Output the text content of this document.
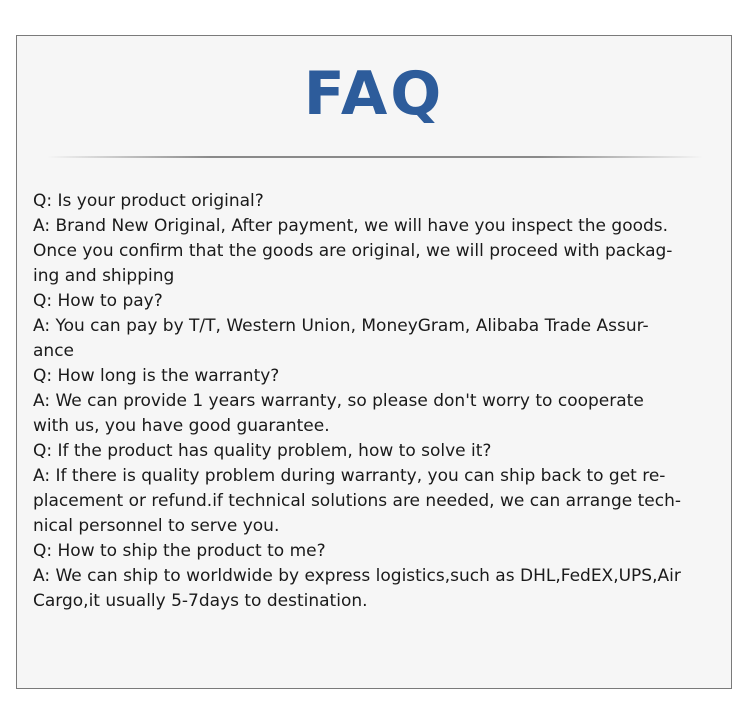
FAQ

Q: Is your product original?

A: Brand New Original, After payment, we will have you inspect the goods.

Once you confirm that the goods are original, we will proceed with packag-

ing and shipping

Q: How to pay?

A: You can pay by T/T, Western Union, MoneyGram, Alibaba Trade Assur-

ance

Q: How long is the warranty?

A: We can provide 1 years warranty, so please don't worry to cooperate

with us, you have good guarantee.

Q: If the product has quality problem, how to solve it?

A: If there is quality problem during warranty, you can ship back to get re-

placement or refund.if technical solutions are needed, we can arrange tech-

nical personnel to serve you.

Q: How to ship the product to me?

A: We can ship to worldwide by express logistics,such as DHL,FedEX,UPS,Air

Cargo,it usually 5-7days to destination.
